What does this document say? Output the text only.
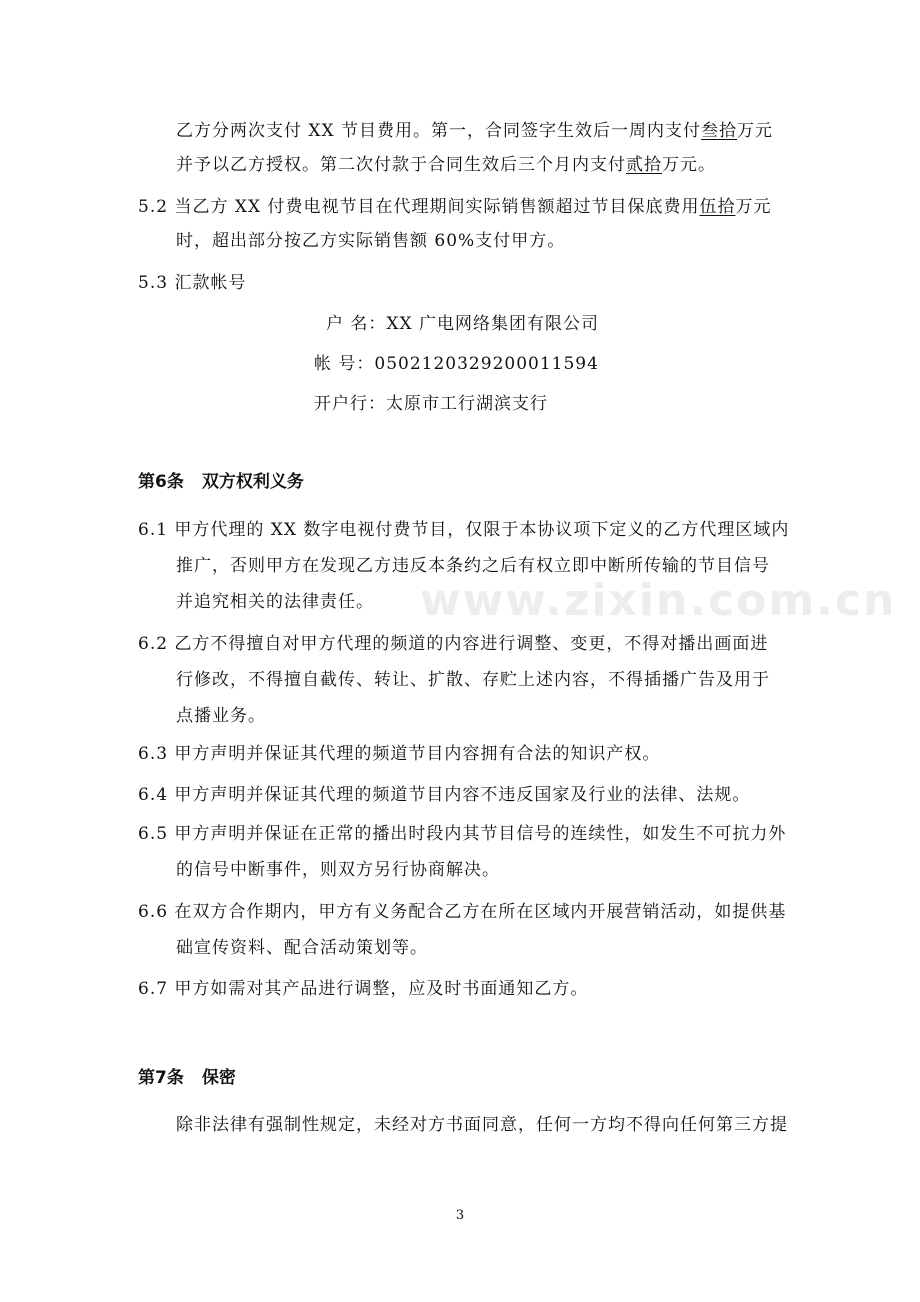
www.zixin.com.cn
乙方分两次支付 XX 节目费用。第一，合同签字生效后一周内支付叁拾万元
并予以乙方授权。第二次付款于合同生效后三个月内支付贰拾万元。
5.2 当乙方 XX 付费电视节目在代理期间实际销售额超过节目保底费用伍拾万元
时，超出部分按乙方实际销售额 60%支付甲方。
5.3 汇款帐号
户 名：XX 广电网络集团有限公司
帐 号：0502120329200011594
开户行：太原市工行湖滨支行
第6条 双方权利义务
6.1 甲方代理的 XX 数字电视付费节目，仅限于本协议项下定义的乙方代理区域内
推广，否则甲方在发现乙方违反本条约之后有权立即中断所传输的节目信号
并追究相关的法律责任。
6.2 乙方不得擅自对甲方代理的频道的内容进行调整、变更，不得对播出画面进
行修改，不得擅自截传、转让、扩散、存贮上述内容，不得插播广告及用于
点播业务。
6.3 甲方声明并保证其代理的频道节目内容拥有合法的知识产权。
6.4 甲方声明并保证其代理的频道节目内容不违反国家及行业的法律、法规。
6.5 甲方声明并保证在正常的播出时段内其节目信号的连续性，如发生不可抗力外
的信号中断事件，则双方另行协商解决。
6.6 在双方合作期内，甲方有义务配合乙方在所在区域内开展营销活动，如提供基
础宣传资料、配合活动策划等。
6.7 甲方如需对其产品进行调整，应及时书面通知乙方。
第7条 保密
除非法律有强制性规定，未经对方书面同意，任何一方均不得向任何第三方提
3
